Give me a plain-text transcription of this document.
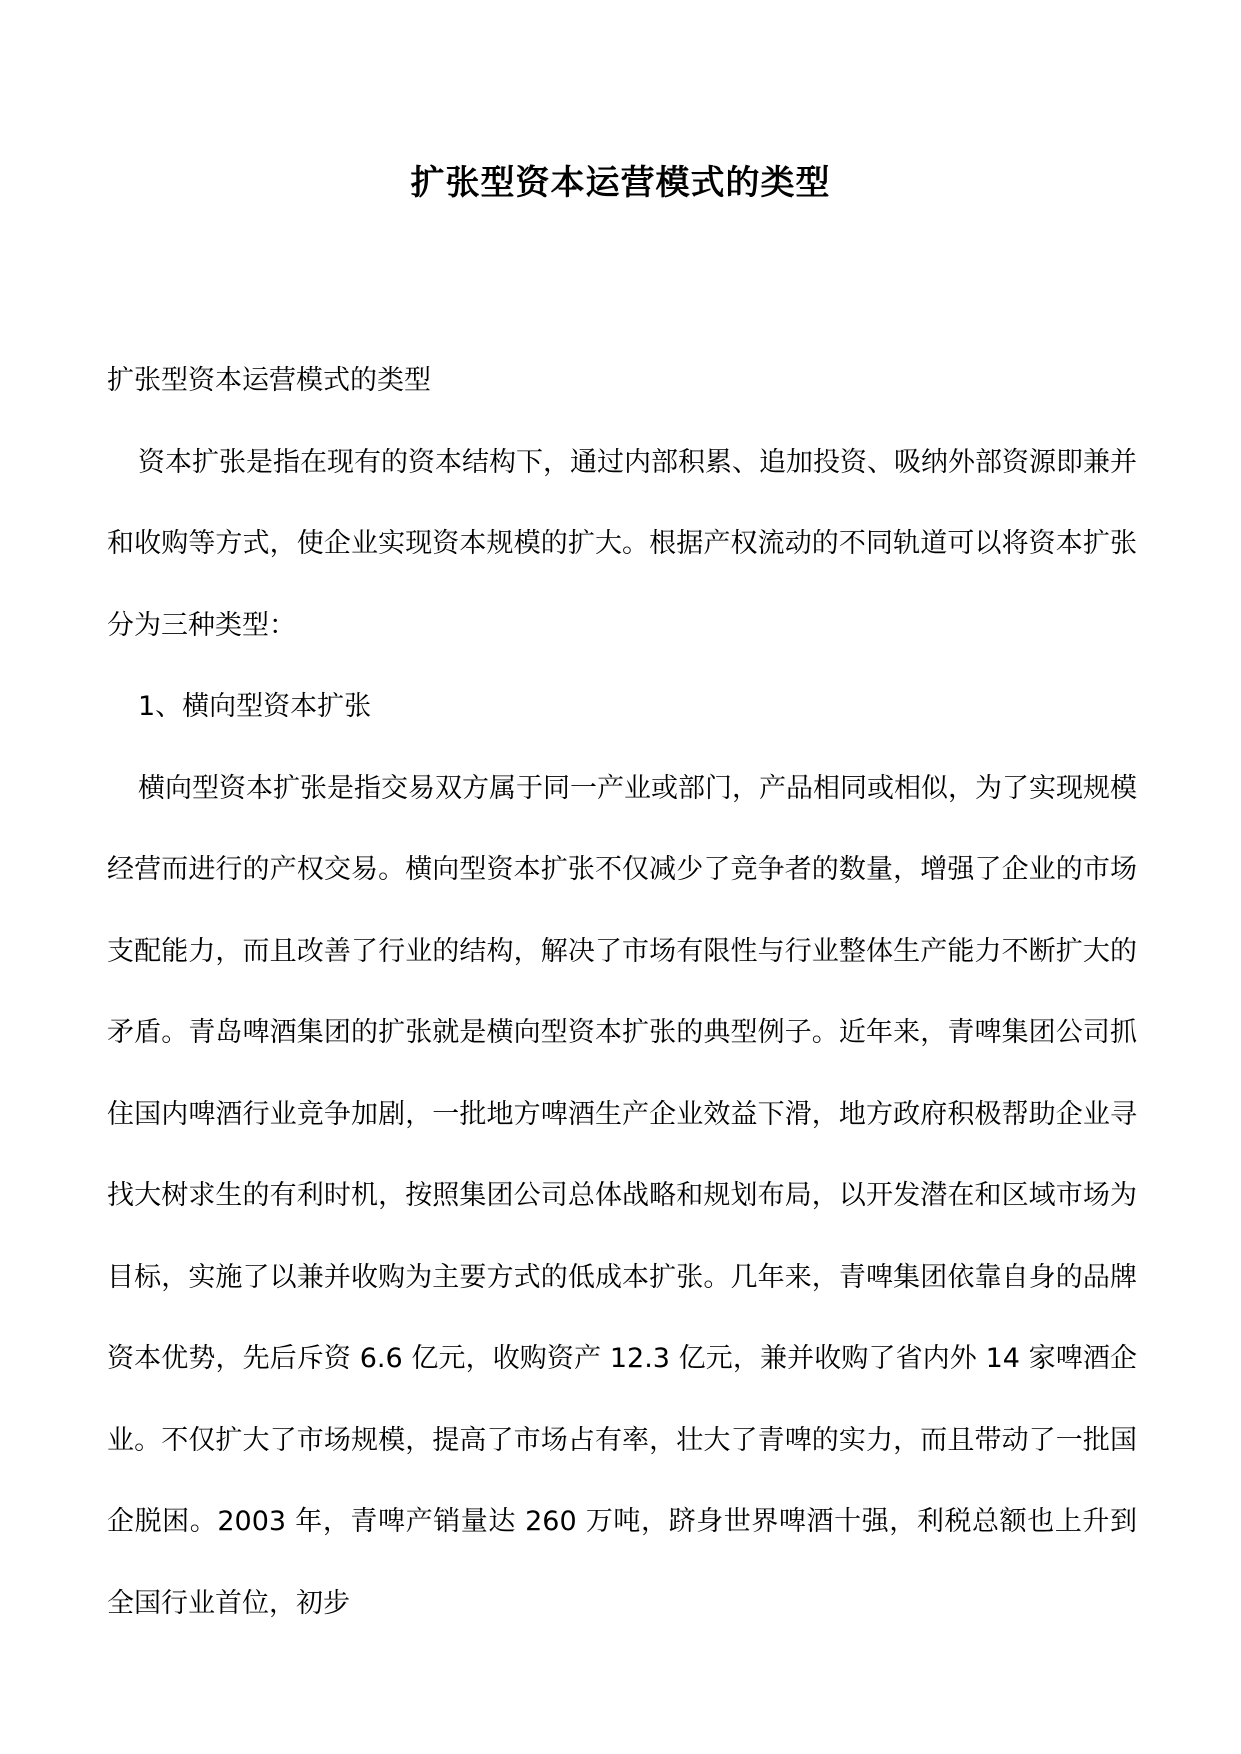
扩张型资本运营模式的类型

扩张型资本运营模式的类型

资本扩张是指在现有的资本结构下，通过内部积累、追加投资、吸纳外部资源即兼并和收购等方式，使企业实现资本规模的扩大。根据产权流动的不同轨道可以将资本扩张分为三种类型：

1、横向型资本扩张

横向型资本扩张是指交易双方属于同一产业或部门，产品相同或相似，为了实现规模经营而进行的产权交易。横向型资本扩张不仅减少了竞争者的数量，增强了企业的市场支配能力，而且改善了行业的结构，解决了市场有限性与行业整体生产能力不断扩大的矛盾。青岛啤酒集团的扩张就是横向型资本扩张的典型例子。近年来，青啤集团公司抓住国内啤酒行业竞争加剧，一批地方啤酒生产企业效益下滑，地方政府积极帮助企业寻找大树求生的有利时机，按照集团公司总体战略和规划布局，以开发潜在和区域市场为目标，实施了以兼并收购为主要方式的低成本扩张。几年来，青啤集团依靠自身的品牌资本优势，先后斥资 6.6 亿元，收购资产 12.3 亿元，兼并收购了省内外 14 家啤酒企业。不仅扩大了市场规模，提高了市场占有率，壮大了青啤的实力，而且带动了一批国企脱困。2003 年，青啤产销量达 260 万吨，跻身世界啤酒十强，利税总额也上升到全国行业首位，初步
